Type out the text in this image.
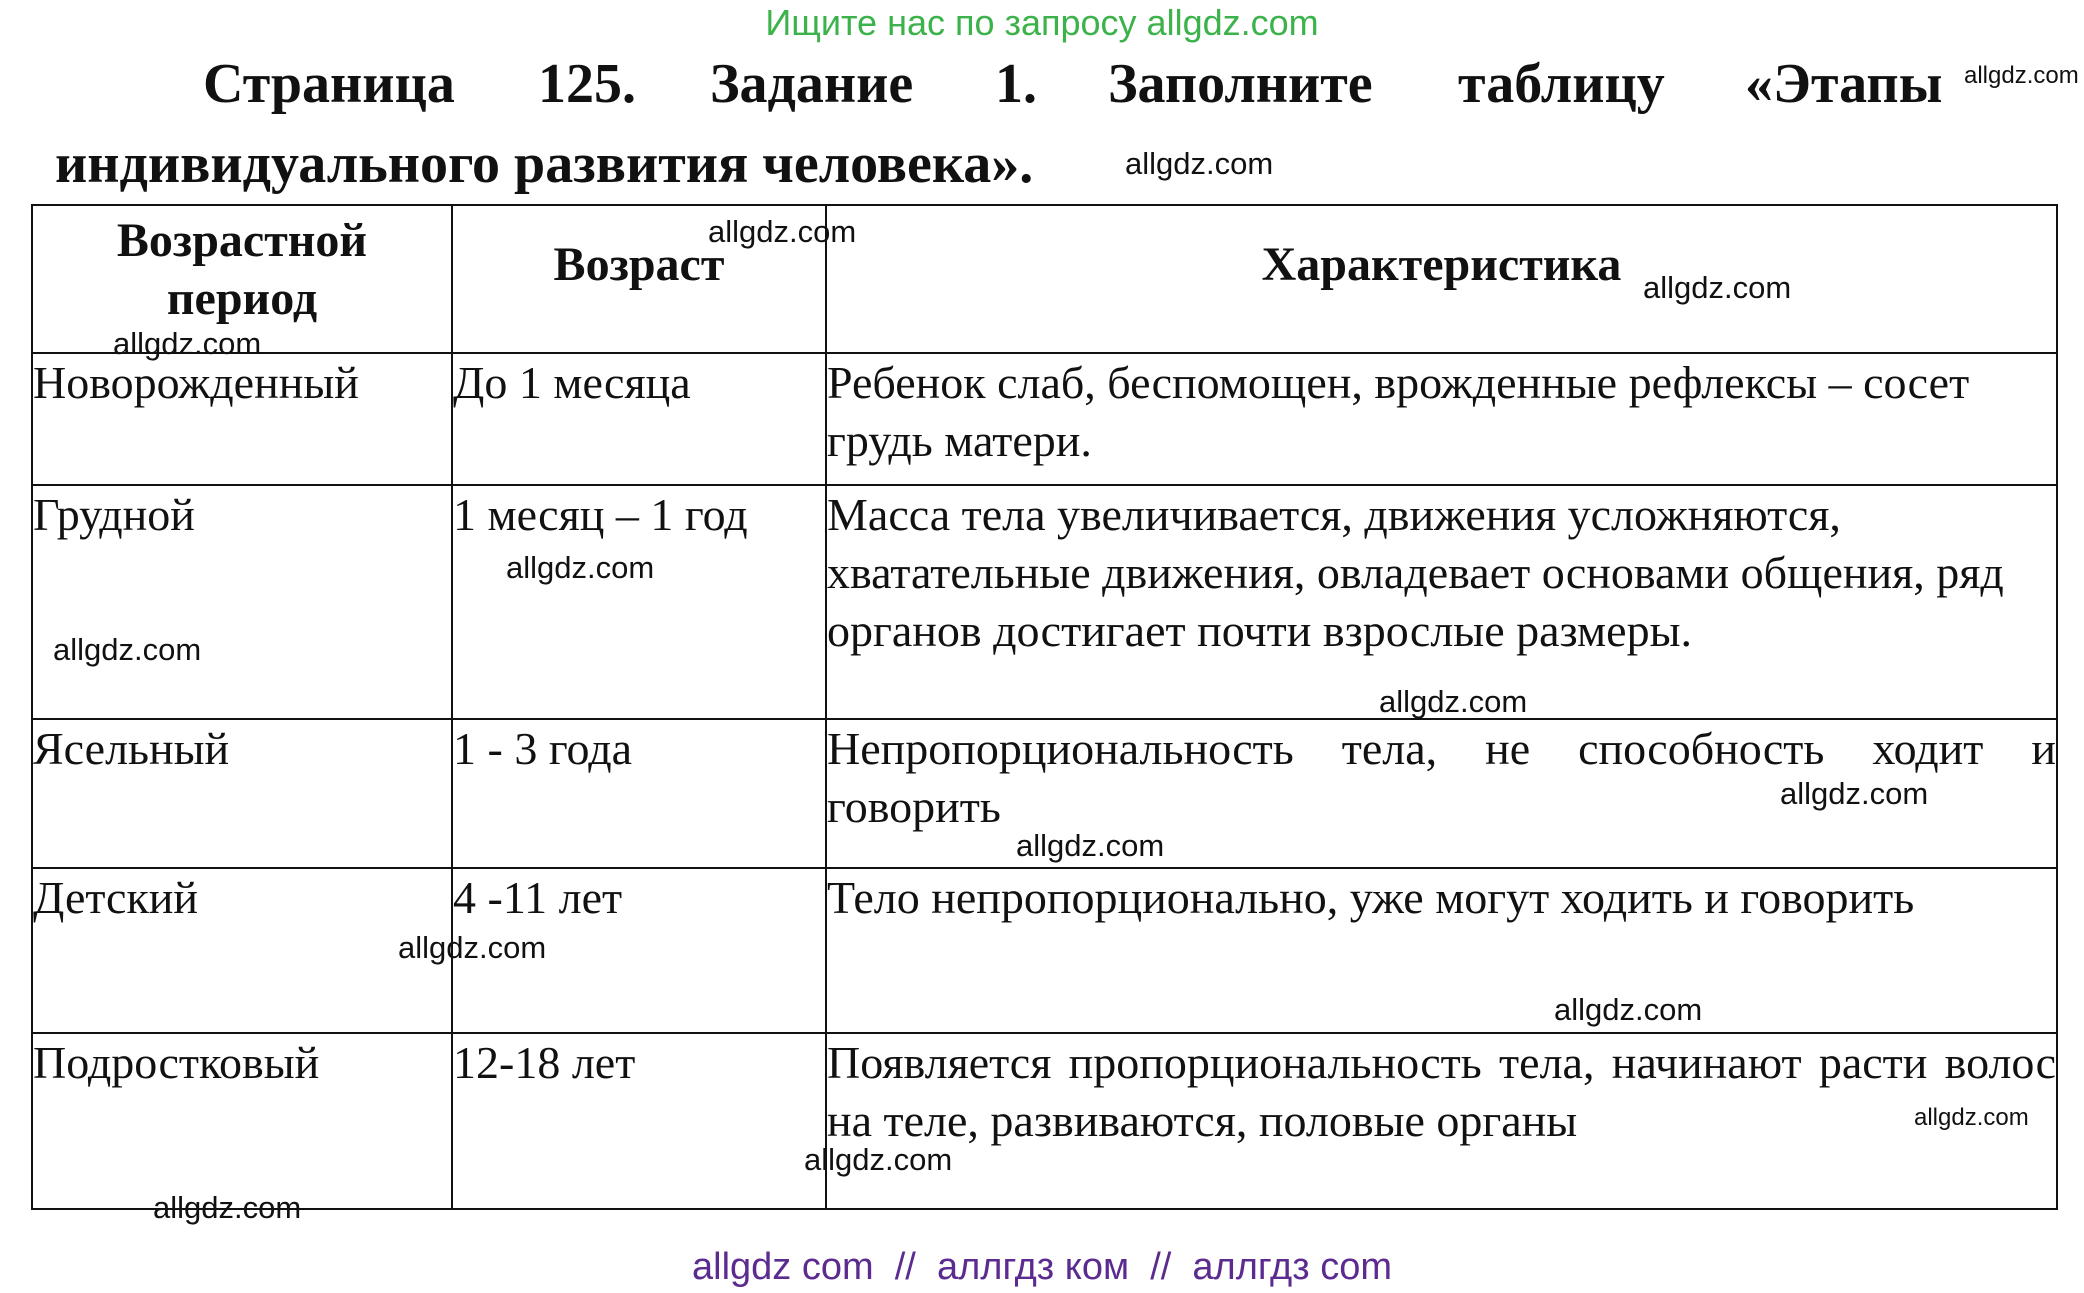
Ищите нас по запросу allgdz.com
Страница 125. Задание 1. Заполните таблицу «Этапы
индивидуального развития человека».
Возрастной период	Возраст	Характеристика
Новорожденный	До 1 месяца	Ребенок слаб, беспомощен, врожденные рефлексы – сосет грудь матери.
Грудной	1 месяц – 1 год	Масса тела увеличивается, движения усложняются, хватательные движения, овладевает основами общения, ряд органов достигает почти взрослые размеры.
Ясельный	1 - 3 года	Непропорциональность тела, не способность ходит и говорить
Детский	4 -11 лет	Тело непропорционально, уже могут ходить и говорить
Подростковый	12-18 лет	Появляется пропорциональность тела, начинают расти волос на теле, развиваются, половые органы
allgdz.com
allgdz.com
allgdz.com
allgdz.com
allgdz.com
allgdz.com
allgdz.com
allgdz.com
allgdz.com
allgdz.com
allgdz.com
allgdz.com
allgdz.com
allgdz.com
allgdz.com
allgdz com  //  аллгдз ком  //  аллгдз com
